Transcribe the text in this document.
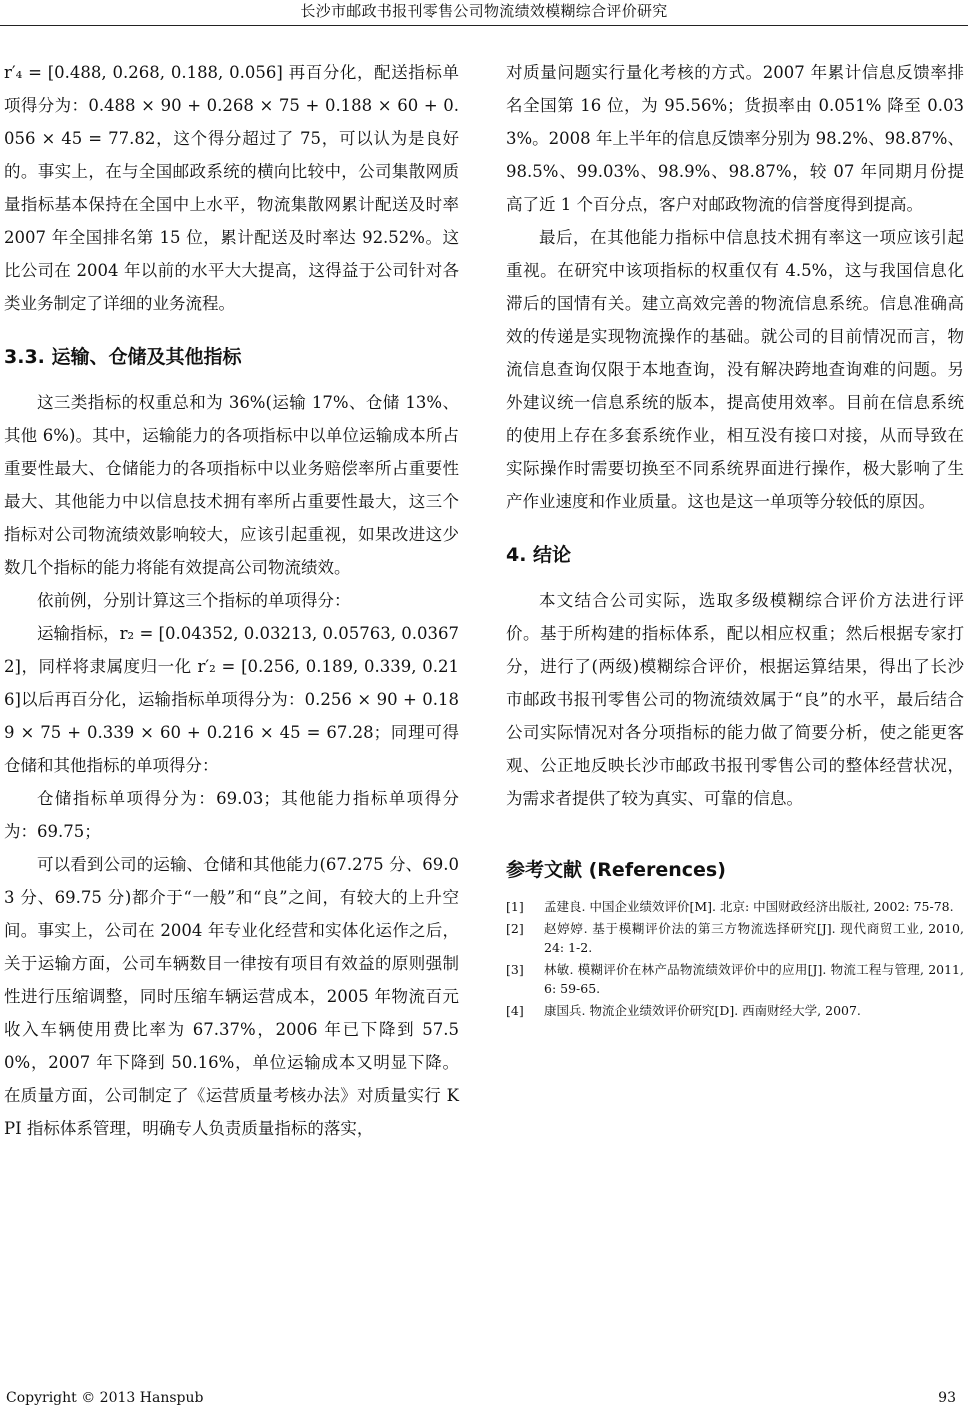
长沙市邮政书报刊零售公司物流绩效模糊综合评价研究

r′₄ = [0.488, 0.268, 0.188, 0.056] 再百分化，配送指标单项得分为：0.488 × 90 + 0.268 × 75 + 0.188 × 60 + 0.056 × 45 = 77.82，这个得分超过了 75，可以认为是良好的。事实上，在与全国邮政系统的横向比较中，公司集散网质量指标基本保持在全国中上水平，物流集散网累计配送及时率 2007 年全国排名第 15 位，累计配送及时率达 92.52%。这比公司在 2004 年以前的水平大大提高，这得益于公司针对各类业务制定了详细的业务流程。

3.3. 运输、仓储及其他指标

这三类指标的权重总和为 36%(运输 17%、仓储 13%、其他 6%)。其中，运输能力的各项指标中以单位运输成本所占重要性最大、仓储能力的各项指标中以业务赔偿率所占重要性最大、其他能力中以信息技术拥有率所占重要性最大，这三个指标对公司物流绩效影响较大，应该引起重视，如果改进这少数几个指标的能力将能有效提高公司物流绩效。

依前例，分别计算这三个指标的单项得分：

运输指标，r₂ = [0.04352, 0.03213, 0.05763, 0.03672]，同样将隶属度归一化 r′₂ = [0.256, 0.189, 0.339, 0.216]以后再百分化，运输指标单项得分为：0.256 × 90 + 0.189 × 75 + 0.339 × 60 + 0.216 × 45 = 67.28；同理可得仓储和其他指标的单项得分：

仓储指标单项得分为：69.03；其他能力指标单项得分为：69.75；

可以看到公司的运输、仓储和其他能力(67.275 分、69.03 分、69.75 分)都介于“一般”和“良”之间，有较大的上升空间。事实上，公司在 2004 年专业化经营和实体化运作之后，关于运输方面，公司车辆数目一律按有项目有效益的原则强制性进行压缩调整，同时压缩车辆运营成本，2005 年物流百元收入车辆使用费比率为 67.37%，2006 年已下降到 57.50%，2007 年下降到 50.16%，单位运输成本又明显下降。在质量方面，公司制定了《运营质量考核办法》对质量实行 KPI 指标体系管理，明确专人负责质量指标的落实，

对质量问题实行量化考核的方式。2007 年累计信息反馈率排名全国第 16 位，为 95.56%；货损率由 0.051% 降至 0.033%。2008 年上半年的信息反馈率分别为 98.2%、98.87%、98.5%、99.03%、98.9%、98.87%，较 07 年同期月份提高了近 1 个百分点，客户对邮政物流的信誉度得到提高。

最后，在其他能力指标中信息技术拥有率这一项应该引起重视。在研究中该项指标的权重仅有 4.5%，这与我国信息化滞后的国情有关。建立高效完善的物流信息系统。信息准确高效的传递是实现物流操作的基础。就公司的目前情况而言，物流信息查询仅限于本地查询，没有解决跨地查询难的问题。另外建议统一信息系统的版本，提高使用效率。目前在信息系统的使用上存在多套系统作业，相互没有接口对接，从而导致在实际操作时需要切换至不同系统界面进行操作，极大影响了生产作业速度和作业质量。这也是这一单项等分较低的原因。

4. 结论

本文结合公司实际，选取多级模糊综合评价方法进行评价。基于所构建的指标体系，配以相应权重；然后根据专家打分，进行了(两级)模糊综合评价，根据运算结果，得出了长沙市邮政书报刊零售公司的物流绩效属于“良”的水平，最后结合公司实际情况对各分项指标的能力做了简要分析，使之能更客观、公正地反映长沙市邮政书报刊零售公司的整体经营状况，为需求者提供了较为真实、可靠的信息。

参考文献 (References)
[1]	孟建良. 中国企业绩效评价[M]. 北京: 中国财政经济出版社, 2002: 75-78.
[2]	赵婷婷. 基于模糊评价法的第三方物流选择研究[J]. 现代商贸工业, 2010, 24: 1-2.
[3]	林敏. 模糊评价在林产品物流绩效评价中的应用[J]. 物流工程与管理, 2011, 6: 59-65.
[4]	康国兵. 物流企业绩效评价研究[D]. 西南财经大学, 2007.
Copyright © 2013 Hanspub	93
